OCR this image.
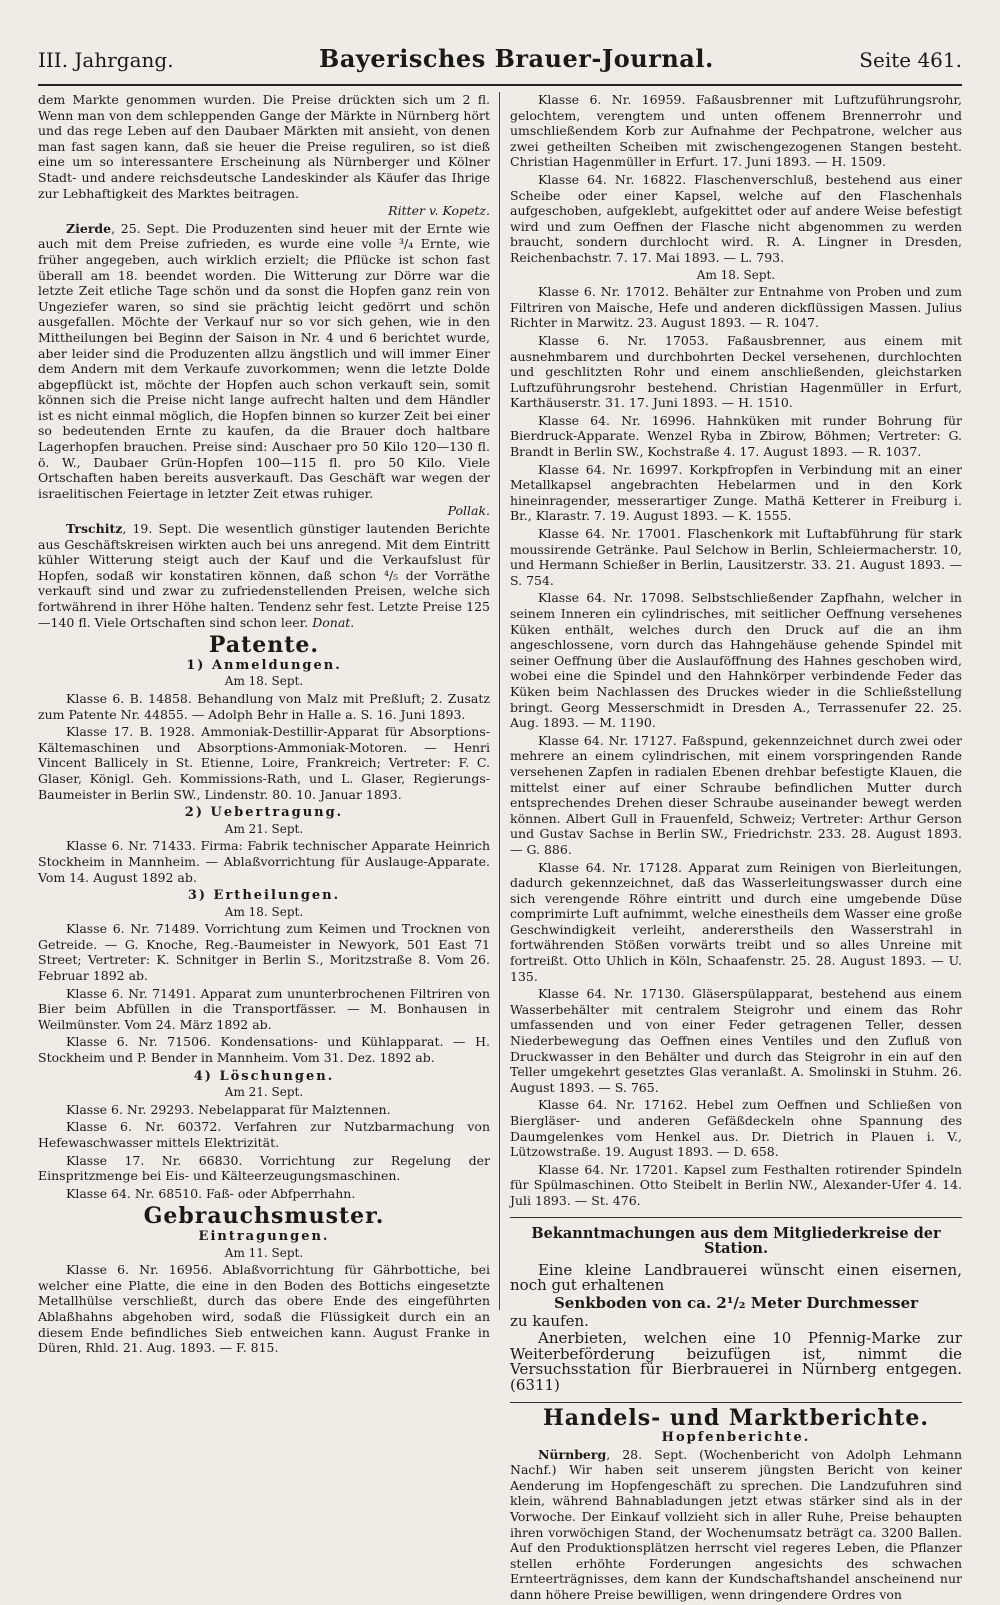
III. Jahrgang.	Bayerisches Brauer-Journal.	Seite 461.

dem Markte genommen wurden. Die Preise drückten sich um 2 fl. Wenn man von dem schleppenden Gange der Märkte in Nürnberg hört und das rege Leben auf den Daubaer Märkten mit ansieht, von denen man fast sagen kann, daß sie heuer die Preise reguliren, so ist dieß eine um so interessantere Erscheinung als Nürnberger und Kölner Stadt- und andere reichsdeutsche Landeskinder als Käufer das Ihrige zur Lebhaftigkeit des Marktes beitragen.

Ritter v. Kopetz.

Zierde, 25. Sept. Die Produzenten sind heuer mit der Ernte wie auch mit dem Preise zufrieden, es wurde eine volle ³/₄ Ernte, wie früher angegeben, auch wirklich erzielt; die Pflücke ist schon fast überall am 18. beendet worden. Die Witterung zur Dörre war die letzte Zeit etliche Tage schön und da sonst die Hopfen ganz rein von Ungeziefer waren, so sind sie prächtig leicht gedörrt und schön ausgefallen. Möchte der Verkauf nur so vor sich gehen, wie in den Mittheilungen bei Beginn der Saison in Nr. 4 und 6 berichtet wurde, aber leider sind die Produzenten allzu ängstlich und will immer Einer dem Andern mit dem Verkaufe zuvorkommen; wenn die letzte Dolde abgepflückt ist, möchte der Hopfen auch schon verkauft sein, somit können sich die Preise nicht lange aufrecht halten und dem Händler ist es nicht einmal möglich, die Hopfen binnen so kurzer Zeit bei einer so bedeutenden Ernte zu kaufen, da die Brauer doch haltbare Lagerhopfen brauchen. Preise sind: Auschaer pro 50 Kilo 120—130 fl. ö. W., Daubaer Grün-Hopfen 100—115 fl. pro 50 Kilo. Viele Ortschaften haben bereits ausverkauft. Das Geschäft war wegen der israelitischen Feiertage in letzter Zeit etwas ruhiger.

Pollak.

Trschitz, 19. Sept. Die wesentlich günstiger lautenden Berichte aus Geschäftskreisen wirkten auch bei uns anregend. Mit dem Eintritt kühler Witterung steigt auch der Kauf und die Verkaufslust für Hopfen, sodaß wir konstatiren können, daß schon ⁴/₅ der Vorräthe verkauft sind und zwar zu zufriedenstellenden Preisen, welche sich fortwährend in ihrer Höhe halten. Tendenz sehr fest. Letzte Preise 125—140 fl. Viele Ortschaften sind schon leer. Donat.

Patente.
1) Anmeldungen.
Am 18. Sept.

Klasse 6. B. 14858. Behandlung von Malz mit Preßluft; 2. Zusatz zum Patente Nr. 44855. — Adolph Behr in Halle a. S. 16. Juni 1893.

Klasse 17. B. 1928. Ammoniak-Destillir-Apparat für Absorptions-Kältemaschinen und Absorptions-Ammoniak-Motoren. — Henri Vincent Ballicely in St. Etienne, Loire, Frankreich; Vertreter: F. C. Glaser, Königl. Geh. Kommissions-Rath, und L. Glaser, Regierungs-Baumeister in Berlin SW., Lindenstr. 80. 10. Januar 1893.

2) Uebertragung.
Am 21. Sept.

Klasse 6. Nr. 71433. Firma: Fabrik technischer Apparate Heinrich Stockheim in Mannheim. — Ablaßvorrichtung für Auslauge-Apparate. Vom 14. August 1892 ab.

3) Ertheilungen.
Am 18. Sept.

Klasse 6. Nr. 71489. Vorrichtung zum Keimen und Trocknen von Getreide. — G. Knoche, Reg.-Baumeister in Newyork, 501 East 71 Street; Vertreter: K. Schnitger in Berlin S., Moritzstraße 8. Vom 26. Februar 1892 ab.

Klasse 6. Nr. 71491. Apparat zum ununterbrochenen Filtriren von Bier beim Abfüllen in die Transportfässer. — M. Bonhausen in Weilmünster. Vom 24. März 1892 ab.

Klasse 6. Nr. 71506. Kondensations- und Kühlapparat. — H. Stockheim und P. Bender in Mannheim. Vom 31. Dez. 1892 ab.

4) Löschungen.
Am 21. Sept.

Klasse 6. Nr. 29293. Nebelapparat für Malztennen.

Klasse 6. Nr. 60372. Verfahren zur Nutzbarmachung von Hefewaschwasser mittels Elektrizität.

Klasse 17. Nr. 66830. Vorrichtung zur Regelung der Einspritzmenge bei Eis- und Kälteerzeugungsmaschinen.

Klasse 64. Nr. 68510. Faß- oder Abfperrhahn.

Gebrauchsmuster.
Eintragungen.
Am 11. Sept.

Klasse 6. Nr. 16956. Ablaßvorrichtung für Gährbottiche, bei welcher eine Platte, die eine in den Boden des Bottichs eingesetzte Metallhülse verschließt, durch das obere Ende des eingeführten Ablaßhahns abgehoben wird, sodaß die Flüssigkeit durch ein an diesem Ende befindliches Sieb entweichen kann. August Franke in Düren, Rhld. 21. Aug. 1893. — F. 815.

Klasse 6. Nr. 16959. Faßausbrenner mit Luftzuführungsrohr, gelochtem, verengtem und unten offenem Brennerrohr und umschließendem Korb zur Aufnahme der Pechpatrone, welcher aus zwei getheilten Scheiben mit zwischengezogenen Stangen besteht. Christian Hagenmüller in Erfurt. 17. Juni 1893. — H. 1509.

Klasse 64. Nr. 16822. Flaschenverschluß, bestehend aus einer Scheibe oder einer Kapsel, welche auf den Flaschenhals aufgeschoben, aufgeklebt, aufgekittet oder auf andere Weise befestigt wird und zum Oeffnen der Flasche nicht abgenommen zu werden braucht, sondern durchlocht wird. R. A. Lingner in Dresden, Reichenbachstr. 7. 17. Mai 1893. — L. 793.

Am 18. Sept.

Klasse 6. Nr. 17012. Behälter zur Entnahme von Proben und zum Filtriren von Maische, Hefe und anderen dickflüssigen Massen. Julius Richter in Marwitz. 23. August 1893. — R. 1047.

Klasse 6. Nr. 17053. Faßausbrenner, aus einem mit ausnehmbarem und durchbohrten Deckel versehenen, durchlochten und geschlitzten Rohr und einem anschließenden, gleichstarken Luftzuführungsrohr bestehend. Christian Hagenmüller in Erfurt, Karthäuserstr. 31. 17. Juni 1893. — H. 1510.

Klasse 64. Nr. 16996. Hahnküken mit runder Bohrung für Bierdruck-Apparate. Wenzel Ryba in Zbirow, Böhmen; Vertreter: G. Brandt in Berlin SW., Kochstraße 4. 17. August 1893. — R. 1037.

Klasse 64. Nr. 16997. Korkpfropfen in Verbindung mit an einer Metallkapsel angebrachten Hebelarmen und in den Kork hineinragender, messerartiger Zunge. Mathä Ketterer in Freiburg i. Br., Klarastr. 7. 19. August 1893. — K. 1555.

Klasse 64. Nr. 17001. Flaschenkork mit Luftabführung für stark moussirende Getränke. Paul Selchow in Berlin, Schleiermacherstr. 10, und Hermann Schießer in Berlin, Lausitzerstr. 33. 21. August 1893. — S. 754.

Klasse 64. Nr. 17098. Selbstschließender Zapfhahn, welcher in seinem Inneren ein cylindrisches, mit seitlicher Oeffnung versehenes Küken enthält, welches durch den Druck auf die an ihm angeschlossene, vorn durch das Hahngehäuse gehende Spindel mit seiner Oeffnung über die Auslauföffnung des Hahnes geschoben wird, wobei eine die Spindel und den Hahnkörper verbindende Feder das Küken beim Nachlassen des Druckes wieder in die Schließstellung bringt. Georg Messerschmidt in Dresden A., Terrassenufer 22. 25. Aug. 1893. — M. 1190.

Klasse 64. Nr. 17127. Faßspund, gekennzeichnet durch zwei oder mehrere an einem cylindrischen, mit einem vorspringenden Rande versehenen Zapfen in radialen Ebenen drehbar befestigte Klauen, die mittelst einer auf einer Schraube befindlichen Mutter durch entsprechendes Drehen dieser Schraube auseinander bewegt werden können. Albert Gull in Frauenfeld, Schweiz; Vertreter: Arthur Gerson und Gustav Sachse in Berlin SW., Friedrichstr. 233. 28. August 1893. — G. 886.

Klasse 64. Nr. 17128. Apparat zum Reinigen von Bierleitungen, dadurch gekennzeichnet, daß das Wasserleitungswasser durch eine sich verengende Röhre eintritt und durch eine umgebende Düse comprimirte Luft aufnimmt, welche einestheils dem Wasser eine große Geschwindigkeit verleiht, andererstheils den Wasserstrahl in fortwährenden Stößen vorwärts treibt und so alles Unreine mit fortreißt. Otto Uhlich in Köln, Schaafenstr. 25. 28. August 1893. — U. 135.

Klasse 64. Nr. 17130. Gläserspülapparat, bestehend aus einem Wasserbehälter mit centralem Steigrohr und einem das Rohr umfassenden und von einer Feder getragenen Teller, dessen Niederbewegung das Oeffnen eines Ventiles und den Zufluß von Druckwasser in den Behälter und durch das Steigrohr in ein auf den Teller umgekehrt gesetztes Glas veranlaßt. A. Smolinski in Stuhm. 26. August 1893. — S. 765.

Klasse 64. Nr. 17162. Hebel zum Oeffnen und Schließen von Biergläser- und anderen Gefäßdeckeln ohne Spannung des Daumgelenkes vom Henkel aus. Dr. Dietrich in Plauen i. V., Lützowstraße. 19. August 1893. — D. 658.

Klasse 64. Nr. 17201. Kapsel zum Festhalten rotirender Spindeln für Spülmaschinen. Otto Steibelt in Berlin NW., Alexander-Ufer 4. 14. Juli 1893. — St. 476.

Bekanntmachungen aus dem Mitgliederkreise der Station.

Eine kleine Landbrauerei wünscht einen eisernen, noch gut erhaltenen

Senkboden von ca. 2¹/₂ Meter Durchmesser

zu kaufen.

Anerbieten, welchen eine 10 Pfennig-Marke zur Weiterbeförderung beizufügen ist, nimmt die Versuchsstation für Bierbrauerei in Nürnberg entgegen. (6311)

Handels- und Marktberichte.
Hopfenberichte.

Nürnberg, 28. Sept. (Wochenbericht von Adolph Lehmann Nachf.) Wir haben seit unserem jüngsten Bericht von keiner Aenderung im Hopfengeschäft zu sprechen. Die Landzufuhren sind klein, während Bahnabladungen jetzt etwas stärker sind als in der Vorwoche. Der Einkauf vollzieht sich in aller Ruhe, Preise behaupten ihren vorwöchigen Stand, der Wochenumsatz beträgt ca. 3200 Ballen. Auf den Produktionsplätzen herrscht viel regeres Leben, die Pflanzer stellen erhöhte Forderungen angesichts des schwachen Ernteerträgnisses, dem kann der Kundschaftshandel anscheinend nur dann höhere Preise bewilligen, wenn dringendere Ordres von
